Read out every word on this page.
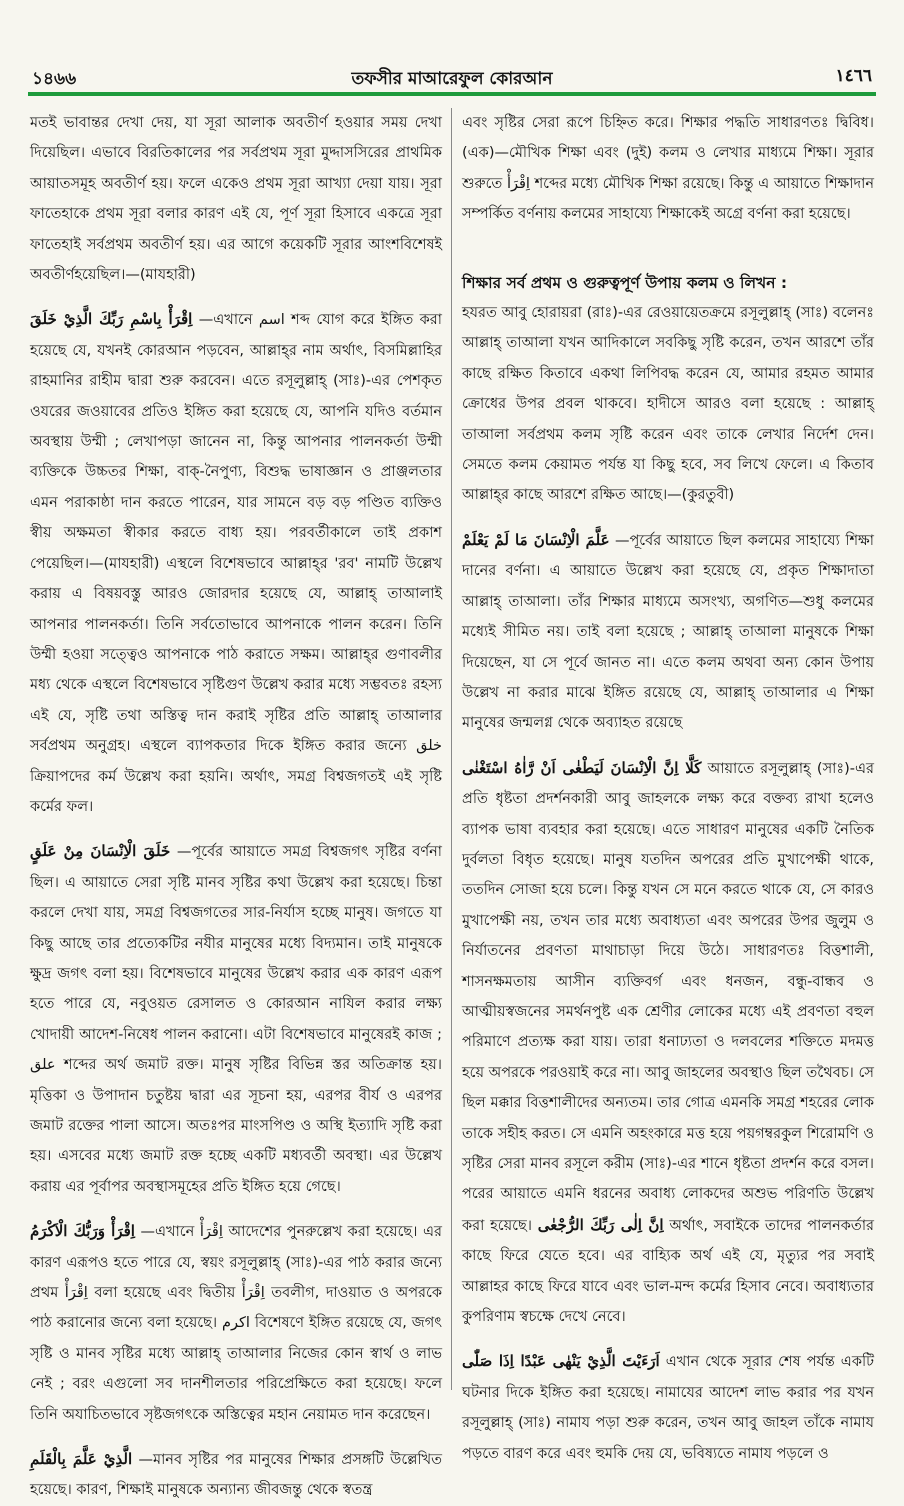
১৪৬৬	তফসীর মাআরেফুল কোরআন	١٤٦٦

মতই ভাবান্তর দেখা দেয়, যা সূরা আলাক অবতীর্ণ হওয়ার সময় দেখা দিয়েছিল। এভাবে বিরতিকালের পর সর্বপ্রথম সূরা মুদ্দাসসিরের প্রাথমিক আয়াতসমূহ অবতীর্ণ হয়। ফলে একেও প্রথম সূরা আখ্যা দেয়া যায়। সূরা ফাতেহাকে প্রথম সূরা বলার কারণ এই যে, পূর্ণ সূরা হিসাবে একত্রে সূরা ফাতেহাই সর্বপ্রথম অবতীর্ণ হয়। এর আগে কয়েকটি সূরার আংশবিশেষই অবতীর্ণহয়েছিল।—(মাযহারী)

اِقْرَأْ بِاسْمِ رَبِّكَ الَّذِيْ خَلَقَ —এখানে اسم শব্দ যোগ করে ইঙ্গিত করা হয়েছে যে, যখনই কোরআন পড়বেন, আল্লাহ্‌র নাম অর্থাৎ, বিসমিল্লাহির রাহমানির রাহীম দ্বারা শুরু করবেন। এতে রসূলুল্লাহ্ (সাঃ)-এর পেশকৃত ওযরের জওয়াবের প্রতিও ইঙ্গিত করা হয়েছে যে, আপনি যদিও বর্তমান অবস্থায় উম্মী ; লেখাপড়া জানেন না, কিন্তু আপনার পালনকর্তা উম্মী ব্যক্তিকে উচ্চতর শিক্ষা, বাক্-নৈপুণ্য, বিশুদ্ধ ভাষাজ্ঞান ও প্রাঞ্জলতার এমন পরাকাষ্ঠা দান করতে পারেন, যার সামনে বড় বড় পণ্ডিত ব্যক্তিও স্বীয় অক্ষমতা স্বীকার করতে বাধ্য হয়। পরবর্তীকালে তাই প্রকাশ পেয়েছিল।—(মাযহারী) এস্থলে বিশেষভাবে আল্লাহ্‌র 'রব' নামটি উল্লেখ করায় এ বিষয়বস্তু আরও জোরদার হয়েছে যে, আল্লাহ্ তাআলাই আপনার পালনকর্তা। তিনি সর্বতোভাবে আপনাকে পালন করেন। তিনি উম্মী হওয়া সত্ত্বেও আপনাকে পাঠ করাতে সক্ষম। আল্লাহ্‌র গুণাবলীর মধ্য থেকে এস্থলে বিশেষভাবে সৃষ্টিগুণ উল্লেখ করার মধ্যে সম্ভবতঃ রহস্য এই যে, সৃষ্টি তথা অস্তিত্ব দান করাই সৃষ্টির প্রতি আল্লাহ্ তাআলার সর্বপ্রথম অনুগ্রহ। এস্থলে ব্যাপকতার দিকে ইঙ্গিত করার জন্যে خلق ক্রিয়াপদের কর্ম উল্লেখ করা হয়নি। অর্থাৎ, সমগ্র বিশ্বজগতই এই সৃষ্টি কর্মের ফল।

خَلَقَ الْاِنْسَانَ مِنْ عَلَقٍ —পূর্বের আয়াতে সমগ্র বিশ্বজগৎ সৃষ্টির বর্ণনা ছিল। এ আয়াতে সেরা সৃষ্টি মানব সৃষ্টির কথা উল্লেখ করা হয়েছে। চিন্তা করলে দেখা যায়, সমগ্র বিশ্বজগতের সার-নির্যাস হচ্ছে মানুষ। জগতে যা কিছু আছে তার প্রত্যেকটির নযীর মানুষের মধ্যে বিদ্যমান। তাই মানুষকে ক্ষুদ্র জগৎ বলা হয়। বিশেষভাবে মানুষের উল্লেখ করার এক কারণ এরূপ হতে পারে যে, নবুওয়ত রেসালত ও কোরআন নাযিল করার লক্ষ্য খোদায়ী আদেশ-নিষেধ পালন করানো। এটা বিশেষভাবে মানুষেরই কাজ ; علق শব্দের অর্থ জমাট রক্ত। মানুষ সৃষ্টির বিভিন্ন স্তর অতিক্রান্ত হয়। মৃত্তিকা ও উপাদান চতুষ্টয় দ্বারা এর সূচনা হয়, এরপর বীর্য ও এরপর জমাট রক্তের পালা আসে। অতঃপর মাংসপিণ্ড ও অস্থি ইত্যাদি সৃষ্টি করা হয়। এসবের মধ্যে জমাট রক্ত হচ্ছে একটি মধ্যবর্তী অবস্থা। এর উল্লেখ করায় এর পূর্বাপর অবস্থাসমূহের প্রতি ইঙ্গিত হয়ে গেছে।

اِقْرَأْ وَرَبُّكَ الْاَكْرَمُ —এখানে اِقْرَأْ আদেশের পুনরুল্লেখ করা হয়েছে। এর কারণ এরূপও হতে পারে যে, স্বয়ং রসূলুল্লাহ্ (সাঃ)-এর পাঠ করার জন্যে প্রথম اِقْرَأْ বলা হয়েছে এবং দ্বিতীয় اِقْرَأْ তবলীগ, দাওয়াত ও অপরকে পাঠ করানোর জন্যে বলা হয়েছে। اكرم বিশেষণে ইঙ্গিত রয়েছে যে, জগৎ সৃষ্টি ও মানব সৃষ্টির মধ্যে আল্লাহ্ তাআলার নিজের কোন স্বার্থ ও লাভ নেই ; বরং এগুলো সব দানশীলতার পরিপ্রেক্ষিতে করা হয়েছে। ফলে তিনি অযাচিতভাবে সৃষ্টজগৎকে অস্তিত্বের মহান নেয়ামত দান করেছেন।

الَّذِيْ عَلَّمَ بِالْقَلَمِ —মানব সৃষ্টির পর মানুষের শিক্ষার প্রসঙ্গটি উল্লেখিত হয়েছে। কারণ, শিক্ষাই মানুষকে অন্যান্য জীবজন্তু থেকে স্বতন্ত্র

এবং সৃষ্টির সেরা রূপে চিহ্নিত করে। শিক্ষার পদ্ধতি সাধারণতঃ দ্বিবিধ। (এক)—মৌখিক শিক্ষা এবং (দুই) কলম ও লেখার মাধ্যমে শিক্ষা। সূরার শুরুতে اِقْرَأْ শব্দের মধ্যে মৌখিক শিক্ষা রয়েছে। কিন্তু এ আয়াতে শিক্ষাদান সম্পর্কিত বর্ণনায় কলমের সাহায্যে শিক্ষাকেই অগ্রে বর্ণনা করা হয়েছে।

শিক্ষার সর্ব প্রথম ও গুরুত্বপূর্ণ উপায় কলম ও লিখন :

হযরত আবু হোরায়রা (রাঃ)-এর রেওয়ায়েতক্রমে রসূলুল্লাহ্ (সাঃ) বলেনঃ আল্লাহ্ তাআলা যখন আদিকালে সবকিছু সৃষ্টি করেন, তখন আরশে তাঁর কাছে রক্ষিত কিতাবে একথা লিপিবদ্ধ করেন যে, আমার রহমত আমার ক্রোধের উপর প্রবল থাকবে। হাদীসে আরও বলা হয়েছে : আল্লাহ্ তাআলা সর্বপ্রথম কলম সৃষ্টি করেন এবং তাকে লেখার নির্দেশ দেন। সেমতে কলম কেয়ামত পর্যন্ত যা কিছু হবে, সব লিখে ফেলে। এ কিতাব আল্লাহ্‌র কাছে আরশে রক্ষিত আছে।—(কুরতুবী)

عَلَّمَ الْاِنْسَانَ مَا لَمْ يَعْلَمْ —পূর্বের আয়াতে ছিল কলমের সাহায্যে শিক্ষা দানের বর্ণনা। এ আয়াতে উল্লেখ করা হয়েছে যে, প্রকৃত শিক্ষাদাতা আল্লাহ্ তাআলা। তাঁর শিক্ষার মাধ্যমে অসংখ্য, অগণিত—শুধু কলমের মধ্যেই সীমিত নয়। তাই বলা হয়েছে ; আল্লাহ্ তাআলা মানুষকে শিক্ষা দিয়েছেন, যা সে পূর্বে জানত না। এতে কলম অথবা অন্য কোন উপায় উল্লেখ না করার মাঝে ইঙ্গিত রয়েছে যে, আল্লাহ্ তাআলার এ শিক্ষা মানুষের জন্মলগ্ন থেকে অব্যাহত রয়েছে

كَلَّا اِنَّ الْاِنْسَانَ لَيَطْغٰى اَنْ رَّاٰهُ اسْتَغْنٰى আয়াতে রসূলুল্লাহ্ (সাঃ)-এর প্রতি ধৃষ্টতা প্রদর্শনকারী আবু জাহলকে লক্ষ্য করে বক্তব্য রাখা হলেও ব্যাপক ভাষা ব্যবহার করা হয়েছে। এতে সাধারণ মানুষের একটি নৈতিক দুর্বলতা বিধৃত হয়েছে। মানুষ যতদিন অপরের প্রতি মুখাপেক্ষী থাকে, ততদিন সোজা হয়ে চলে। কিন্তু যখন সে মনে করতে থাকে যে, সে কারও মুখাপেক্ষী নয়, তখন তার মধ্যে অবাধ্যতা এবং অপরের উপর জুলুম ও নির্যাতনের প্রবণতা মাথাচাড়া দিয়ে উঠে। সাধারণতঃ বিত্তশালী, শাসনক্ষমতায় আসীন ব্যক্তিবর্গ এবং ধনজন, বন্ধু-বান্ধব ও আত্মীয়স্বজনের সমর্থনপুষ্ট এক শ্রেণীর লোকের মধ্যে এই প্রবণতা বহুল পরিমাণে প্রত্যক্ষ করা যায়। তারা ধনাঢ্যতা ও দলবলের শক্তিতে মদমত্ত হয়ে অপরকে পরওয়াই করে না। আবু জাহলের অবস্থাও ছিল তথৈবচ। সে ছিল মক্কার বিত্তশালীদের অন্যতম। তার গোত্র এমনকি সমগ্র শহরের লোক তাকে সহীহ করত। সে এমনি অহংকারে মত্ত হয়ে পয়গম্বরকুল শিরোমণি ও সৃষ্টির সেরা মানব রসূলে করীম (সাঃ)-এর শানে ধৃষ্টতা প্রদর্শন করে বসল। পরের আয়াতে এমনি ধরনের অবাধ্য লোকদের অশুভ পরিণতি উল্লেখ করা হয়েছে। اِنَّ اِلٰى رَبِّكَ الرُّجْعٰى অর্থাৎ, সবাইকে তাদের পালনকর্তার কাছে ফিরে যেতে হবে। এর বাহ্যিক অর্থ এই যে, মৃত্যুর পর সবাই আল্লাহর কাছে ফিরে যাবে এবং ভাল-মন্দ কর্মের হিসাব নেবে। অবাধ্যতার কুপরিণাম স্বচক্ষে দেখে নেবে।

اَرَءَيْتَ الَّذِيْ يَنْهٰى عَبْدًا اِذَا صَلّٰى এখান থেকে সূরার শেষ পর্যন্ত একটি ঘটনার দিকে ইঙ্গিত করা হয়েছে। নামাযের আদেশ লাভ করার পর যখন রসূলুল্লাহ্ (সাঃ) নামায পড়া শুরু করেন, তখন আবু জাহল তাঁকে নামায পড়তে বারণ করে এবং হুমকি দেয় যে, ভবিষ্যতে নামায পড়লে ও
